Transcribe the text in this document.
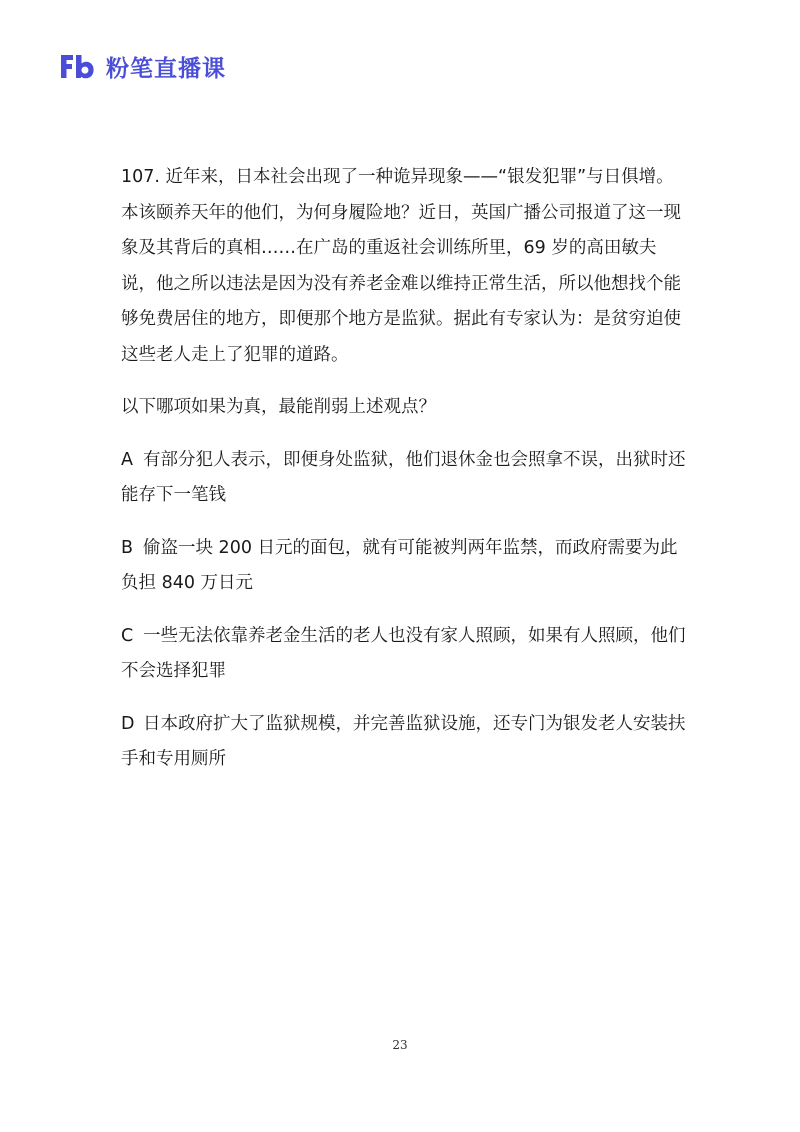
粉笔直播课

107. 近年来，日本社会出现了一种诡异现象——“银发犯罪”与日俱增。本该颐养天年的他们，为何身履险地？近日，英国广播公司报道了这一现象及其背后的真相……在广岛的重返社会训练所里，69 岁的高田敏夫说，他之所以违法是因为没有养老金难以维持正常生活，所以他想找个能够免费居住的地方，即便那个地方是监狱。据此有专家认为：是贫穷迫使这些老人走上了犯罪的道路。

以下哪项如果为真，最能削弱上述观点？

A 有部分犯人表示，即便身处监狱，他们退休金也会照拿不误，出狱时还能存下一笔钱

B 偷盗一块 200 日元的面包，就有可能被判两年监禁，而政府需要为此负担 840 万日元

C 一些无法依靠养老金生活的老人也没有家人照顾，如果有人照顾，他们不会选择犯罪

D 日本政府扩大了监狱规模，并完善监狱设施，还专门为银发老人安装扶手和专用厕所

23
